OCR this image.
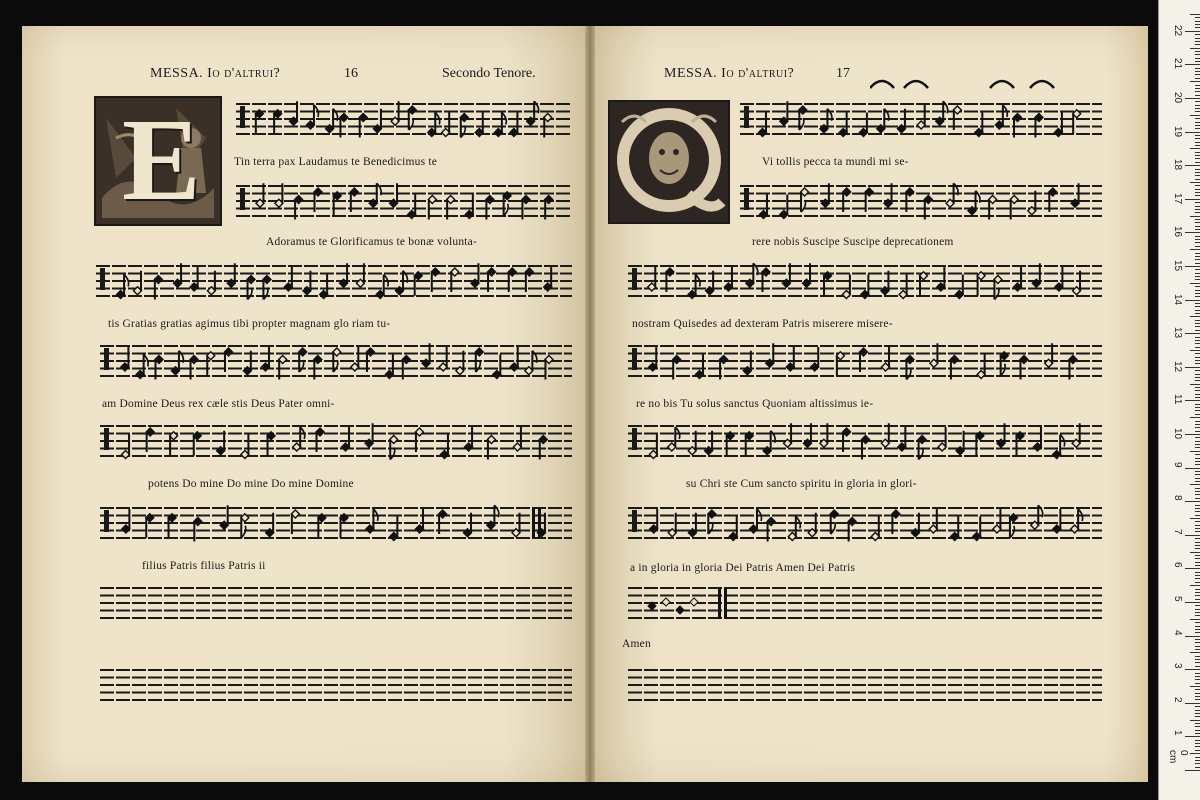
MESSA. Io d'altrui?	16	Secondo Tenore.
E	Tin terra pax Laudamus te Benedicimus te
Adoramus te Glorificamus te bonæ volunta-
tis Gratias gratias agimus tibi propter magnam glo riam tu-
am Domine Deus rex cæle stis Deus Pater omni-
potens Do mine Do mine Do mine Domine
filius Patris filius Patris ii
MESSA. Io d'altrui?	17
Vi tollis pecca ta mundi mi se-
rere nobis Suscipe Suscipe deprecationem
nostram Quisedes ad dexteram Patris miserere misere-
re no bis Tu solus sanctus Quoniam altissimus ie-
su Chri ste Cum sancto spiritu in gloria in glori-
a in gloria in gloria Dei Patris Amen Dei Patris
Amen
0 cm
1
2
3
4
5
6
7
8
9
10
11
12
13
14
15
16
17
18
19
20
21
22
